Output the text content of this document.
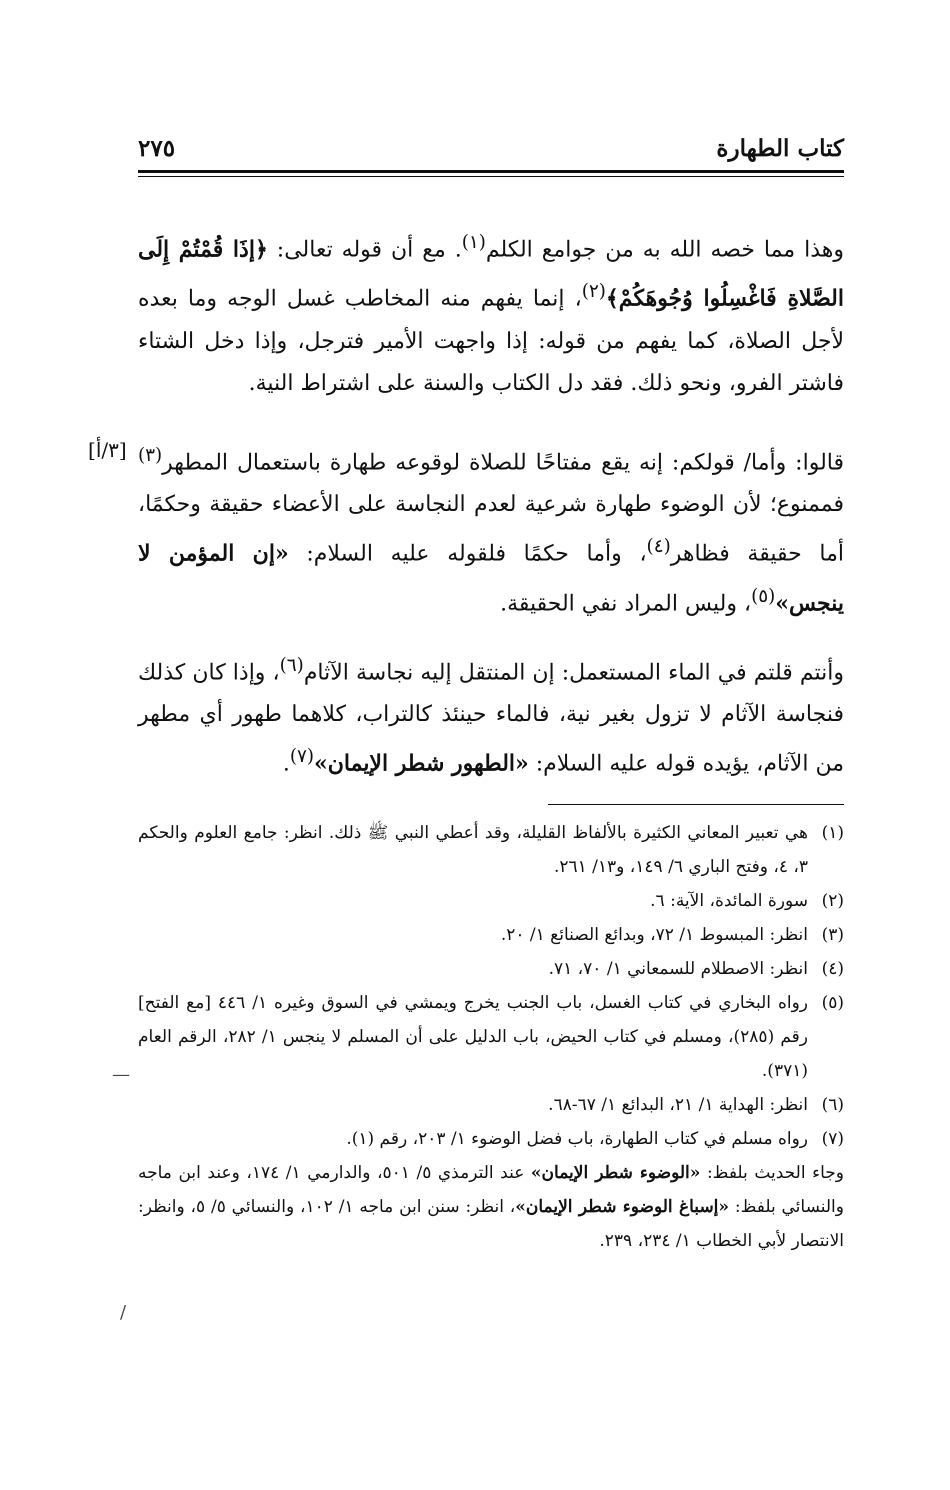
كتاب الطهارة
٢٧٥

وهذا مما خصه الله به من جوامع الكلم$^{(١)}$. مع أن قوله تعالى: ﴿إذَا قُمْتُمْ إِلَى الصَّلاةِ فَاغْسِلُوا وُجُوهَكُمْ﴾$^{(٢)}$، إنما يفهم منه المخاطب غسل الوجه وما بعده لأجل الصلاة، كما يفهم من قوله: إذا واجهت الأمير فترجل، وإذا دخل الشتاء فاشتر الفرو، ونحو ذلك. فقد دل الكتاب والسنة على اشتراط النية.

[٣/أ]

قالوا: وأما/ قولكم: إنه يقع مفتاحًا للصلاة لوقوعه طهارة باستعمال المطهر$^{(٣)}$ فممنوع؛ لأن الوضوء طهارة شرعية لعدم النجاسة على الأعضاء حقيقة وحكمًا، أما حقيقة فظاهر$^{(٤)}$، وأما حكمًا فلقوله عليه السلام: «إن المؤمن لا ينجس»$^{(٥)}$، وليس المراد نفي الحقيقة.

وأنتم قلتم في الماء المستعمل: إن المنتقل إليه نجاسة الآثام$^{(٦)}$، وإذا كان كذلك فنجاسة الآثام لا تزول بغير نية، فالماء حينئذ كالتراب، كلاهما طهور أي مطهر من الآثام، يؤيده قوله عليه السلام: «الطهور شطر الإيمان»$^{(٧)}$.

(١)
هي تعبير المعاني الكثيرة بالألفاظ القليلة، وقد أعطي النبي ﷺ ذلك. انظر: جامع العلوم والحكم ٣، ٤، وفتح الباري ٦/ ١٤٩، و١٣/ ٢٦١.
(٢)
سورة المائدة، الآية: ٦.
(٣)
انظر: المبسوط ١/ ٧٢، وبدائع الصنائع ١/ ٢٠.
(٤)
انظر: الاصطلام للسمعاني ١/ ٧٠، ٧١.
(٥)
رواه البخاري في كتاب الغسل، باب الجنب يخرج ويمشي في السوق وغيره ١/ ٤٤٦ [مع الفتح] رقم (٢٨٥)، ومسلم في كتاب الحيض، باب الدليل على أن المسلم لا ينجس ١/ ٢٨٢، الرقم العام (٣٧١).
(٦)
انظر: الهداية ١/ ٢١، البدائع ١/ ٦٧-٦٨.
(٧)
رواه مسلم في كتاب الطهارة، باب فضل الوضوء ١/ ٢٠٣، رقم (١).
وجاء الحديث بلفظ: «الوضوء شطر الإيمان» عند الترمذي ٥/ ٥٠١، والدارمي ١/ ١٧٤، وعند ابن ماجه والنسائي بلفظ: «إسباغ الوضوء شطر الإيمان»، انظر: سنن ابن ماجه ١/ ١٠٢، والنسائي ٥/ ٥، وانظر: الانتصار لأبي الخطاب ١/ ٢٣٤، ٢٣٩.
—
/
